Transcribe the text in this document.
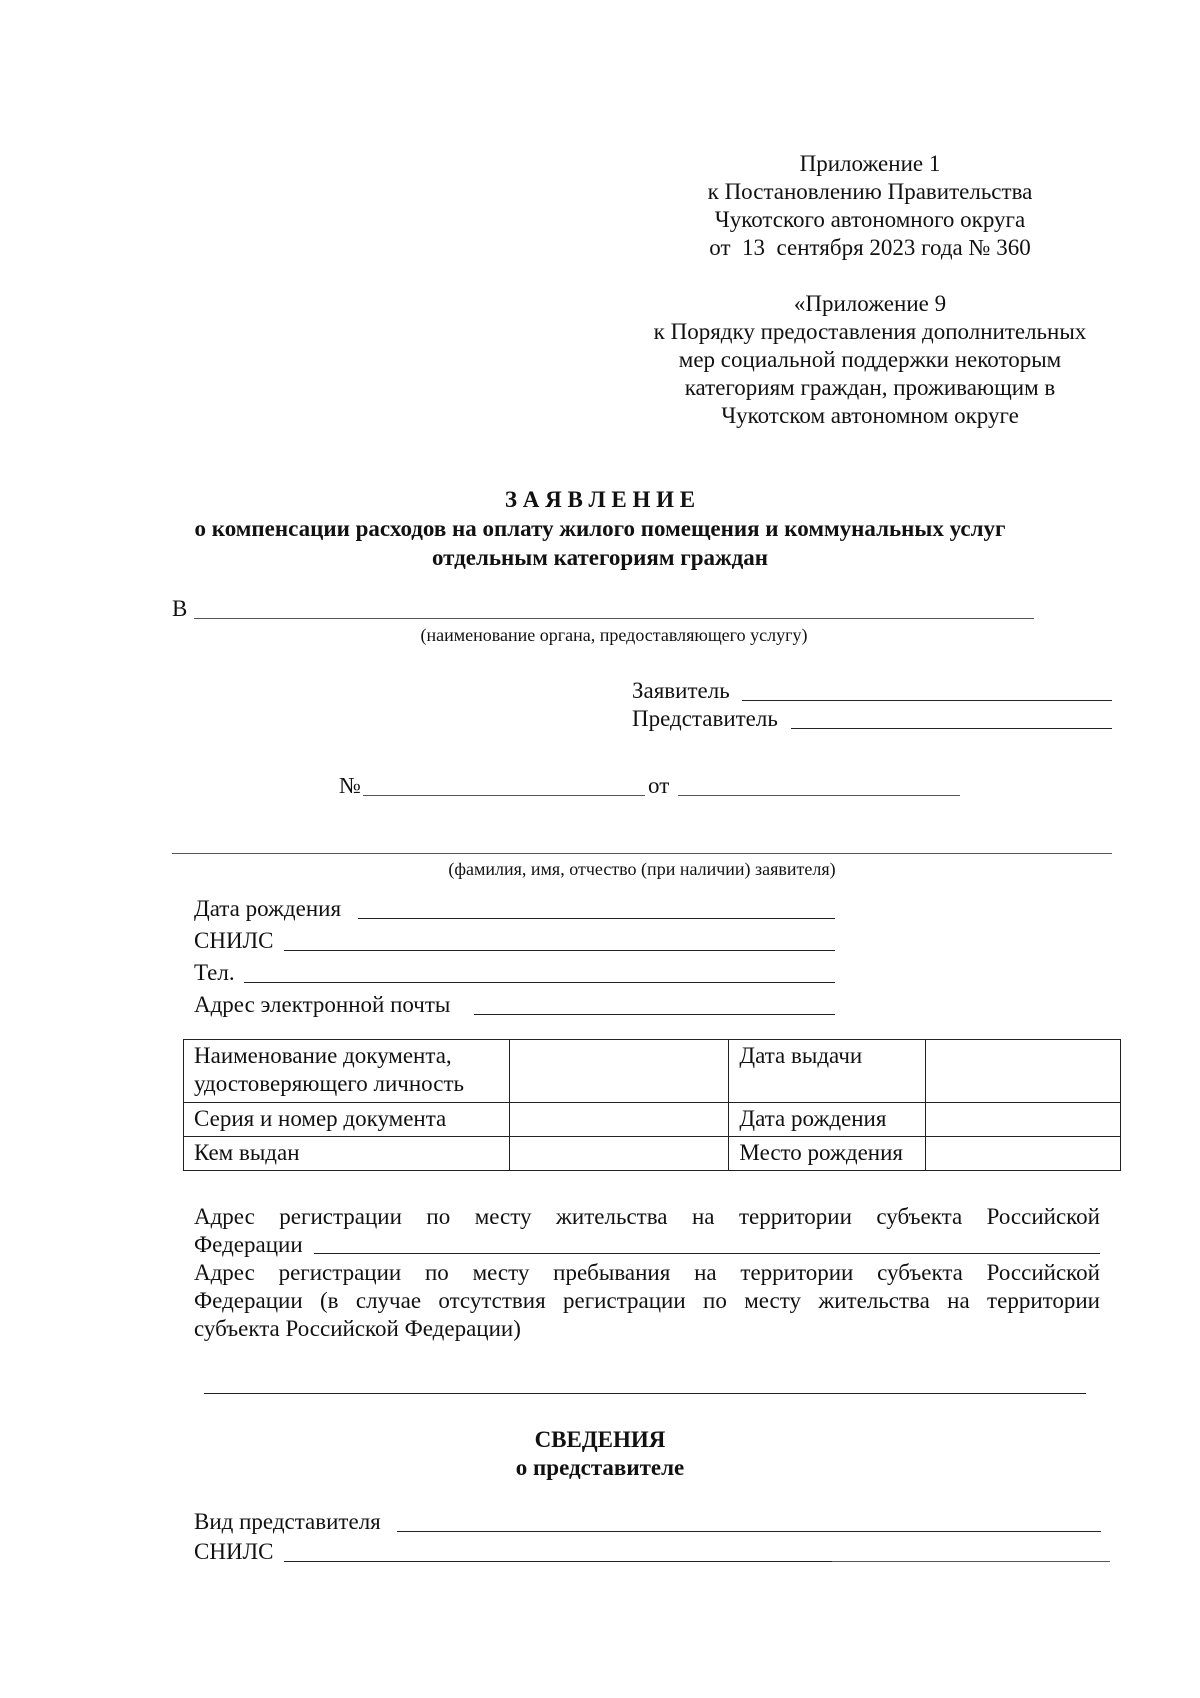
Приложение 1
к Постановлению Правительства
Чукотского автономного округа
от  13  сентября 2023 года № 360
«Приложение 9
к Порядку предоставления дополнительных
мер социальной поддержки некоторым
категориям граждан, проживающим в
Чукотском автономном округе
З А Я В Л Е Н И Е
о компенсации расходов на оплату жилого помещения и коммунальных услуг
отдельным категориям граждан
В
(наименование органа, предоставляющего услугу)
Заявитель
Представитель
№	от
(фамилия, имя, отчество (при наличии) заявителя)
Дата рождения
СНИЛС
Тел.
Адрес электронной почты
Наименование документа, удостоверяющего личность		Дата выдачи	
Серия и номер документа		Дата рождения	
Кем выдан		Место рождения	
Адрес регистрации по месту жительства на территории субъекта Российской
Федерации
Адрес регистрации по месту пребывания на территории субъекта Российской
Федерации (в случае отсутствия регистрации по месту жительства на территории
субъекта Российской Федерации)
СВЕДЕНИЯ
о представителе
Вид представителя
СНИЛС
